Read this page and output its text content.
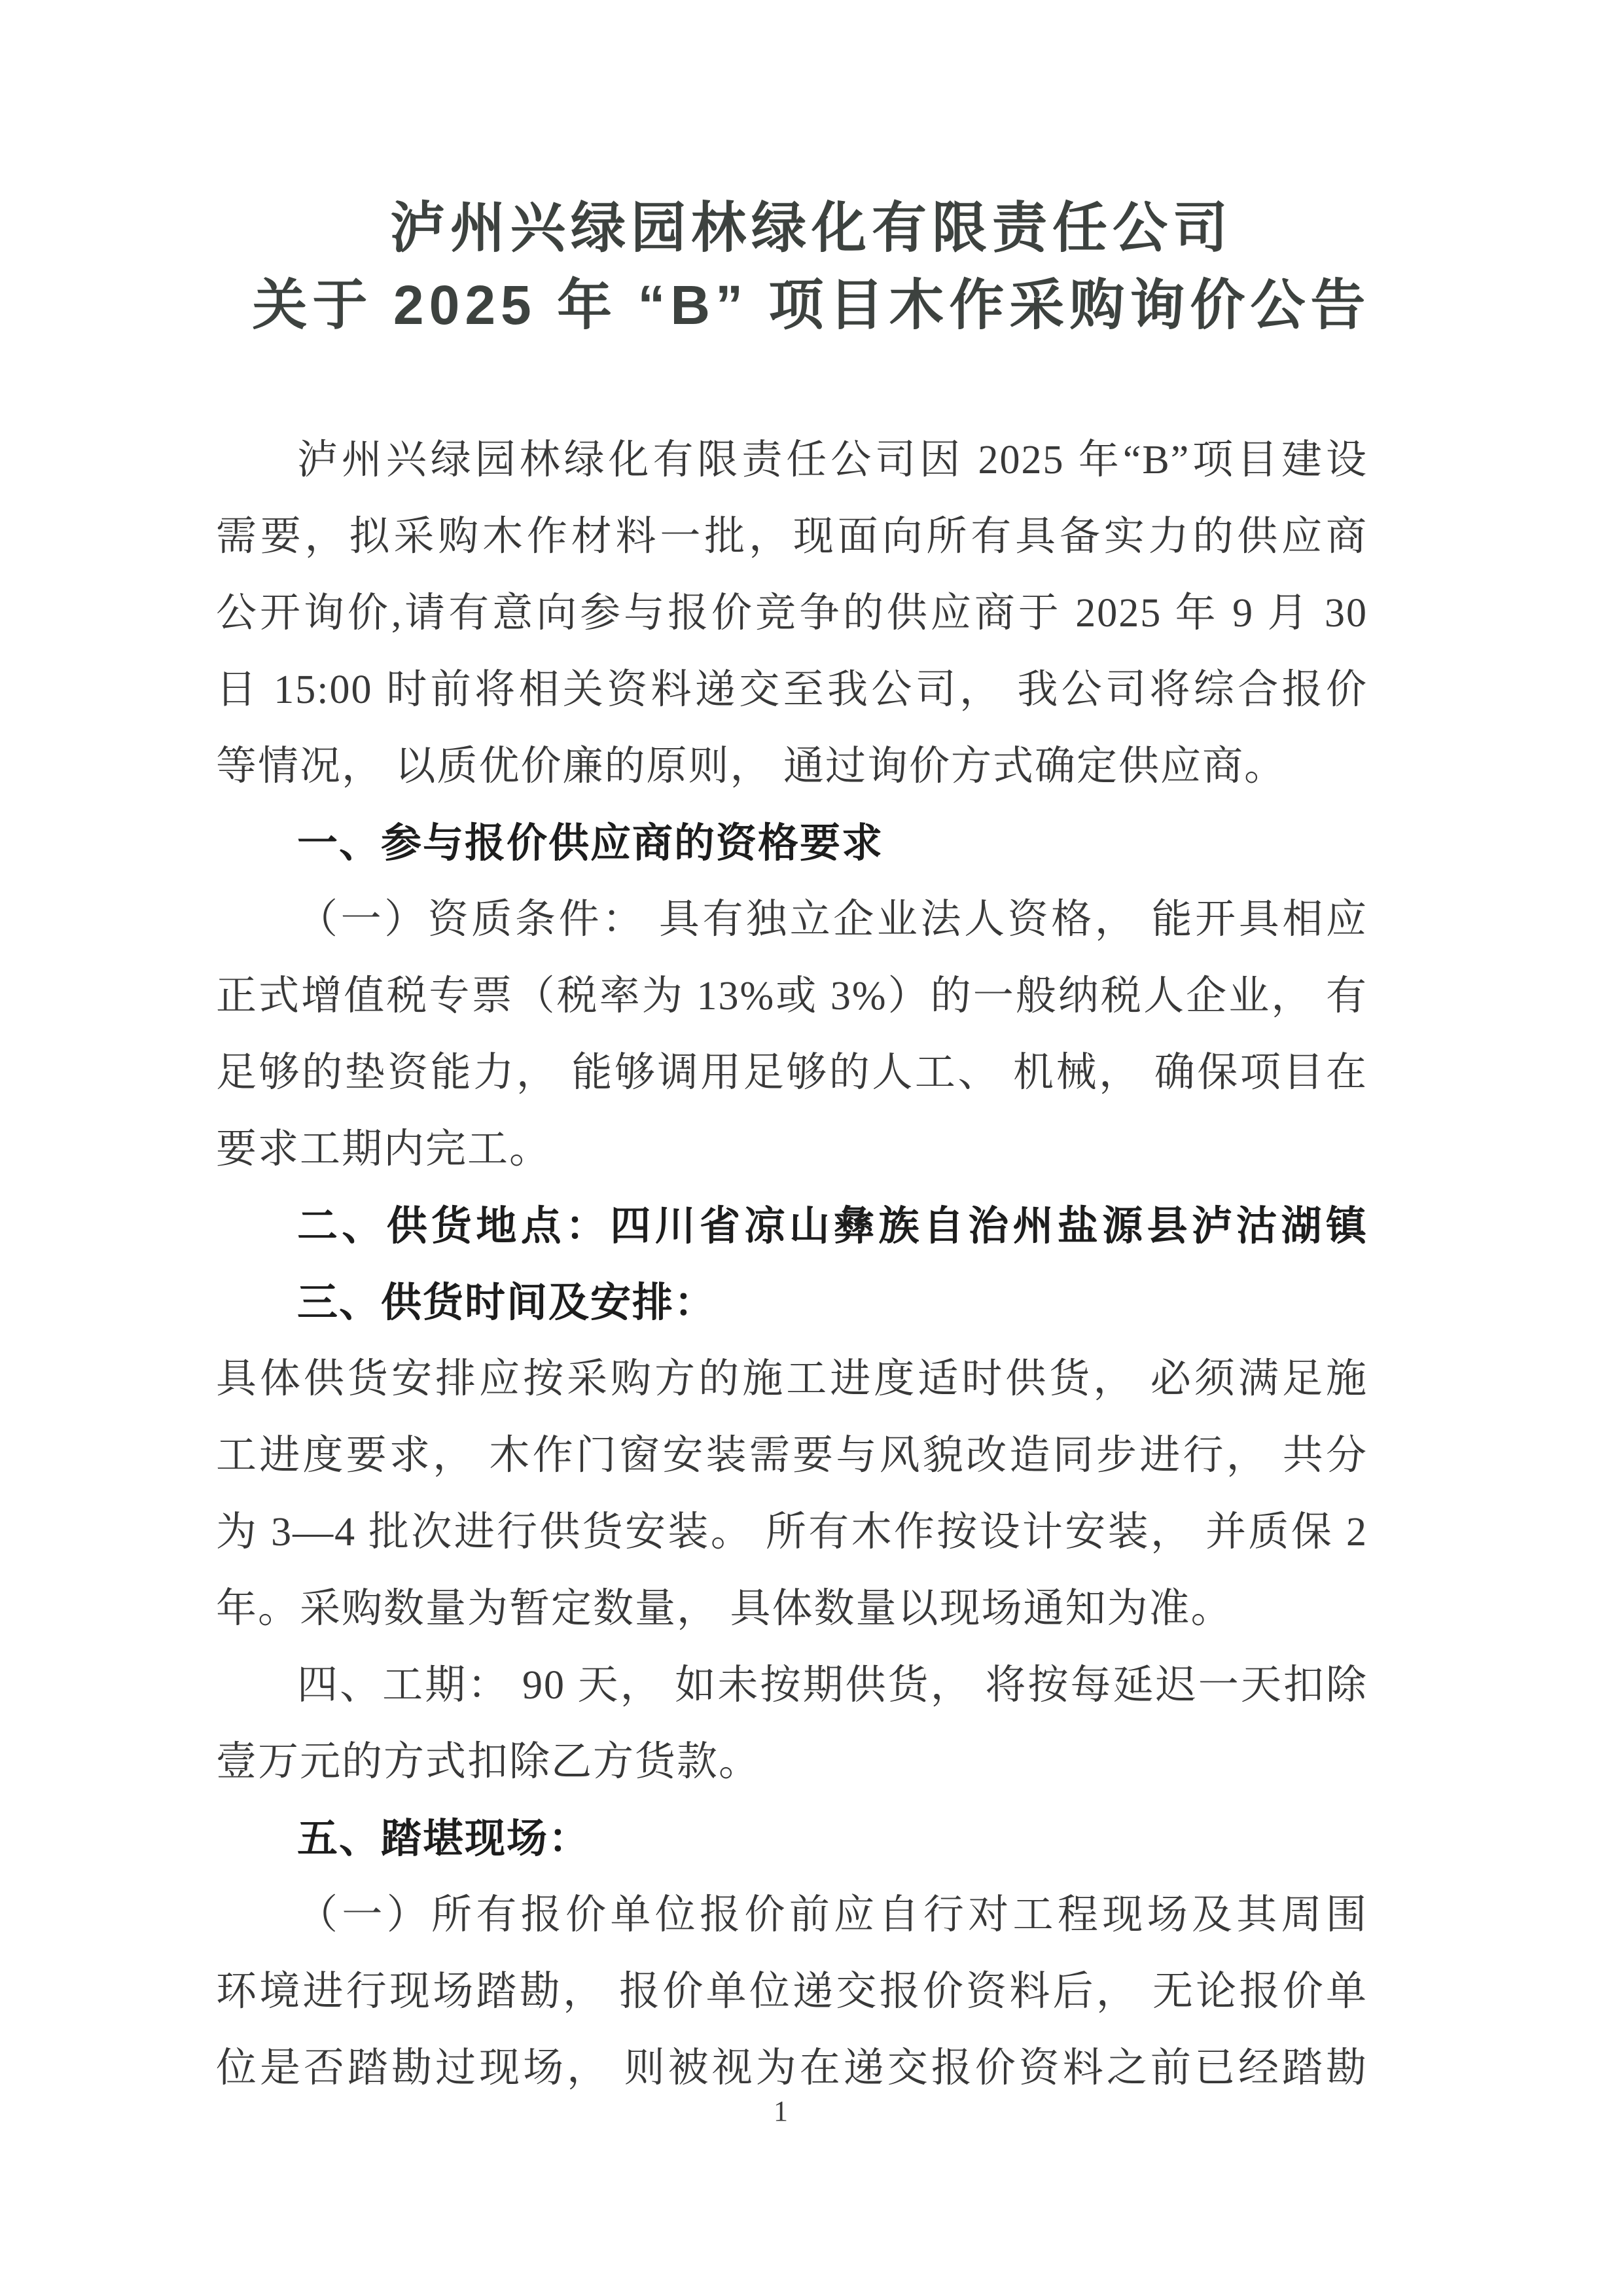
泸州兴绿园林绿化有限责任公司
关于 2025 年 “B” 项目木作采购询价公告
泸州兴绿园林绿化有限责任公司因 2025 年“B”项目建设
需要，拟采购木作材料一批，现面向所有具备实力的供应商
公开询价,请有意向参与报价竞争的供应商于 2025 年 9 月 30
日 15:00 时前将相关资料递交至我公司， 我公司将综合报价
等情况， 以质优价廉的原则， 通过询价方式确定供应商。
一、参与报价供应商的资格要求
（一）资质条件： 具有独立企业法人资格， 能开具相应
正式增值税专票（税率为 13%或 3%）的一般纳税人企业， 有
足够的垫资能力， 能够调用足够的人工、 机械， 确保项目在
要求工期内完工。
二、供货地点：四川省凉山彝族自治州盐源县泸沽湖镇
三、供货时间及安排：
具体供货安排应按采购方的施工进度适时供货， 必须满足施
工进度要求， 木作门窗安装需要与风貌改造同步进行， 共分
为 3—4 批次进行供货安装。 所有木作按设计安装， 并质保 2
年。采购数量为暂定数量， 具体数量以现场通知为准。
四、工期： 90 天， 如未按期供货， 将按每延迟一天扣除
壹万元的方式扣除乙方货款。
五、踏堪现场：
（一）所有报价单位报价前应自行对工程现场及其周围
环境进行现场踏勘， 报价单位递交报价资料后， 无论报价单
位是否踏勘过现场， 则被视为在递交报价资料之前已经踏勘
1
